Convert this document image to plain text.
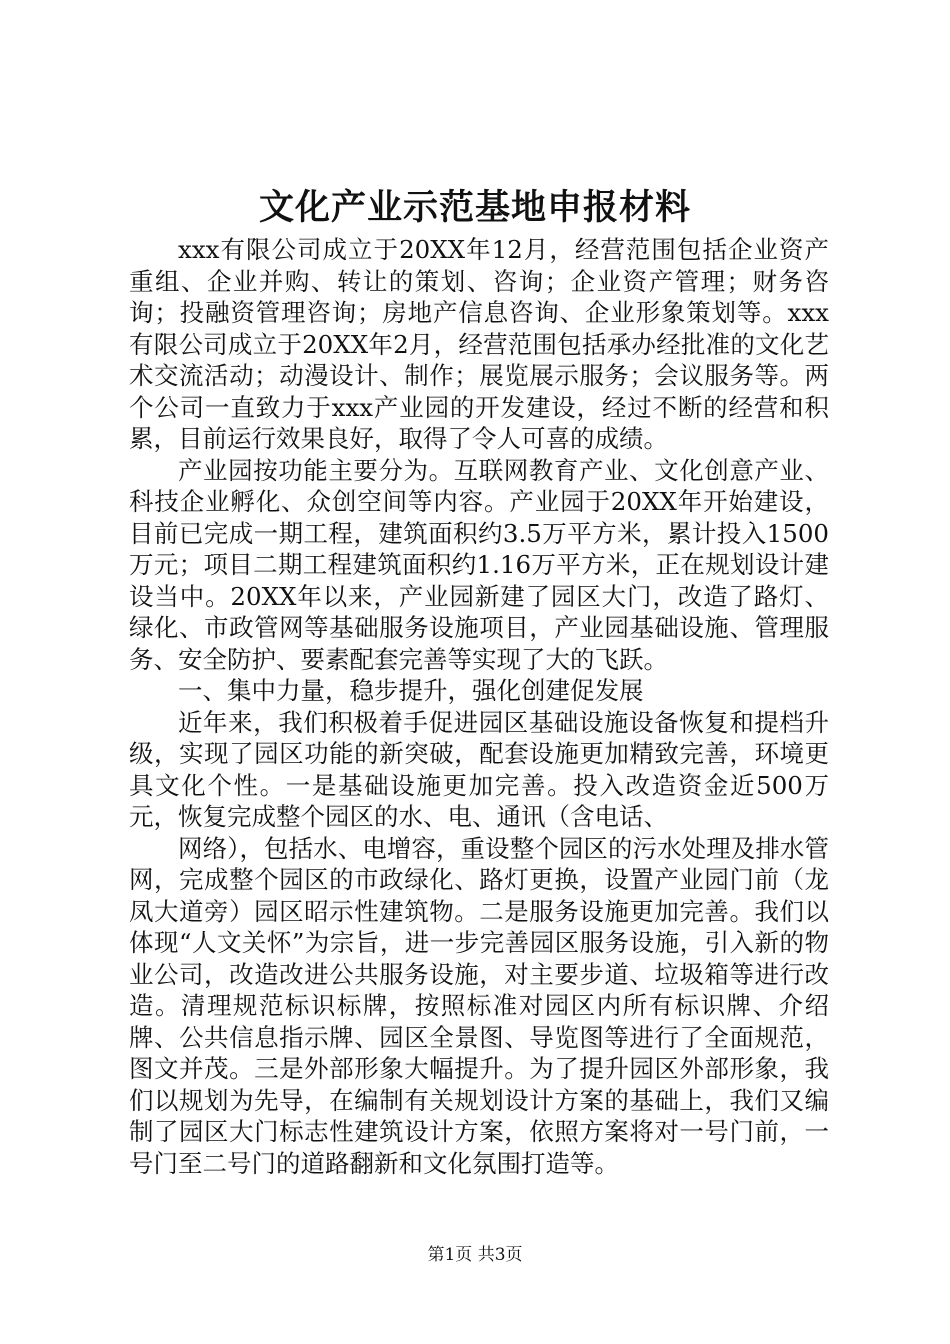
文化产业示范基地申报材料

xxx有限公司成立于20XX年12月，经营范围包括企业资产重组、企业并购、转让的策划、咨询；企业资产管理；财务咨询；投融资管理咨询；房地产信息咨询、企业形象策划等。xxx有限公司成立于20XX年2月，经营范围包括承办经批准的文化艺术交流活动；动漫设计、制作；展览展示服务；会议服务等。两个公司一直致力于xxx产业园的开发建设，经过不断的经营和积累，目前运行效果良好，取得了令人可喜的成绩。

产业园按功能主要分为。互联网教育产业、文化创意产业、科技企业孵化、众创空间等内容。产业园于20XX年开始建设，目前已完成一期工程，建筑面积约3.5万平方米，累计投入1500万元；项目二期工程建筑面积约1.16万平方米，正在规划设计建设当中。20XX年以来，产业园新建了园区大门，改造了路灯、绿化、市政管网等基础服务设施项目，产业园基础设施、管理服务、安全防护、要素配套完善等实现了大的飞跃。

一、集中力量，稳步提升，强化创建促发展

近年来，我们积极着手促进园区基础设施设备恢复和提档升级，实现了园区功能的新突破，配套设施更加精致完善，环境更具文化个性。一是基础设施更加完善。投入改造资金近500万元，恢复完成整个园区的水、电、通讯（含电话、

网络），包括水、电增容，重设整个园区的污水处理及排水管网，完成整个园区的市政绿化、路灯更换，设置产业园门前（龙凤大道旁）园区昭示性建筑物。二是服务设施更加完善。我们以体现“人文关怀”为宗旨，进一步完善园区服务设施，引入新的物业公司，改造改进公共服务设施，对主要步道、垃圾箱等进行改造。清理规范标识标牌，按照标准对园区内所有标识牌、介绍牌、公共信息指示牌、园区全景图、导览图等进行了全面规范，图文并茂。三是外部形象大幅提升。为了提升园区外部形象，我们以规划为先导，在编制有关规划设计方案的基础上，我们又编制了园区大门标志性建筑设计方案，依照方案将对一号门前，一号门至二号门的道路翻新和文化氛围打造等。

第1页 共3页
